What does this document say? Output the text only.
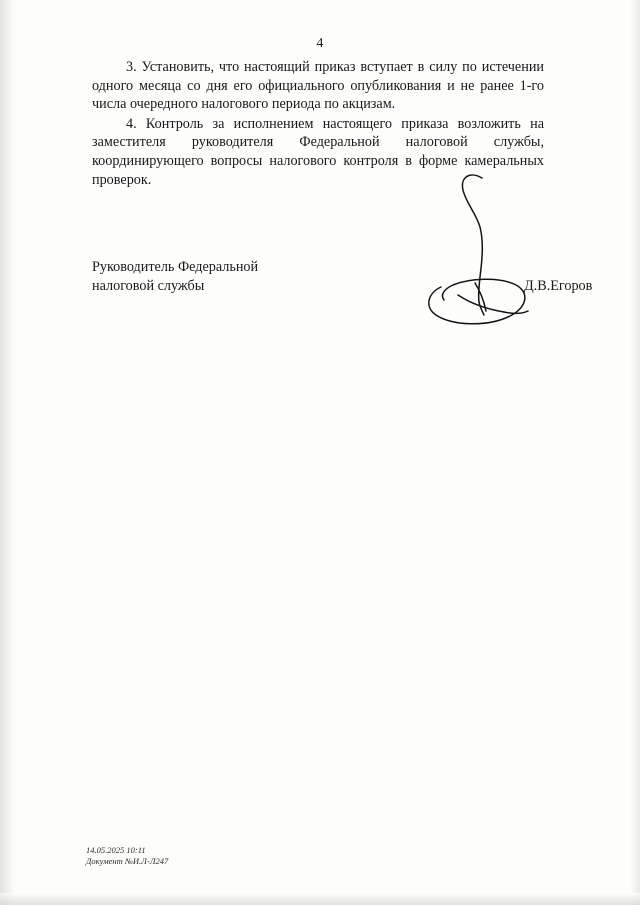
4

3. Установить, что настоящий приказ вступает в силу по истечении одного месяца со дня его официального опубликования и не ранее 1-го числа очередного налогового периода по акцизам.

4. Контроль за исполнением настоящего приказа возложить на заместителя руководителя Федеральной налоговой службы, координирующего вопросы налогового контроля в форме камеральных проверок.

Руководитель Федеральной
налоговой службы	Д.В.Егоров
14.05.2025 10:11
Документ №И.Л-Л247
